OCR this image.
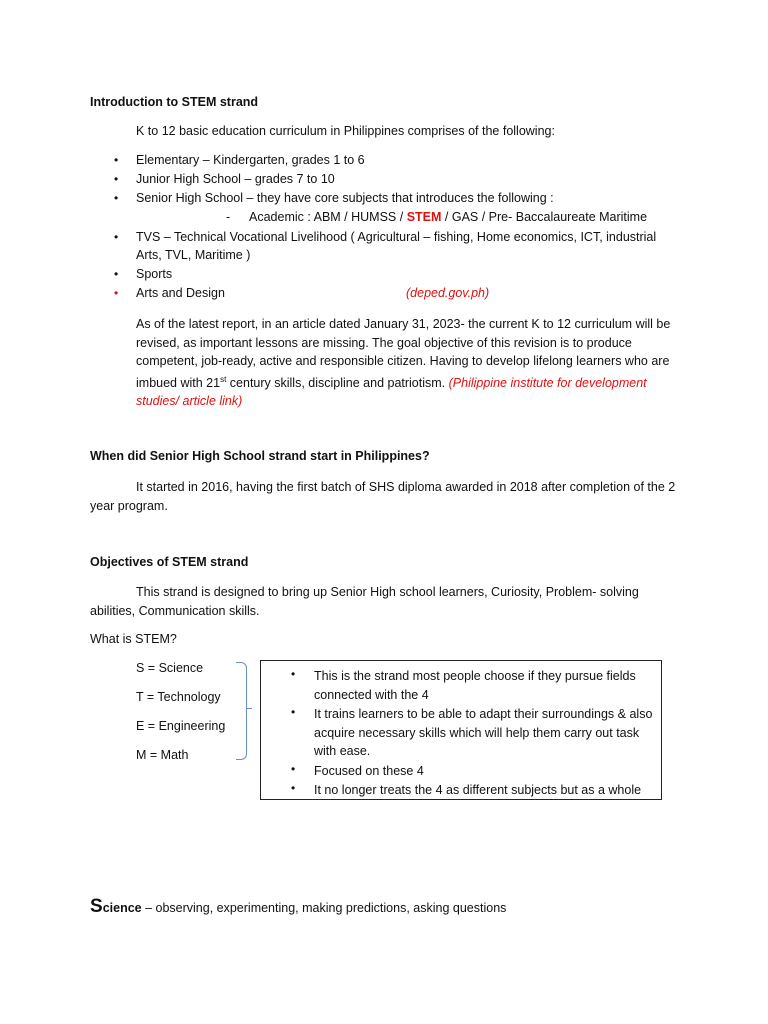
Introduction to STEM strand
K to 12 basic education curriculum in Philippines comprises of the following:
• Elementary – Kindergarten, grades 1 to 6
• Junior High School – grades 7 to 10
• Senior High School – they have core subjects that introduces the following :
- Academic : ABM / HUMSS / STEM / GAS / Pre- Baccalaureate Maritime
• TVS – Technical Vocational Livelihood ( Agricultural – fishing, Home economics, ICT, industrial
Arts, TVL, Maritime )
• Sports
• Arts and Design	(deped.gov.ph)
As of the latest report, in an article dated January 31, 2023- the current K to 12 curriculum will be revised, as important lessons are missing. The goal objective of this revision is to produce competent, job-ready, active and responsible citizen. Having to develop lifelong learners who are imbued with 21st century skills, discipline and patriotism. (Philippine institute for development studies/ article link)
When did Senior High School strand start in Philippines?
It started in 2016, having the first batch of SHS diploma awarded in 2018 after completion of the 2 year program.
Objectives of STEM strand
This strand is designed to bring up Senior High school learners, Curiosity, Problem- solving abilities, Communication skills.
What is STEM?
S = Science
T = Technology
E = Engineering
M = Math
• This is the strand most people choose if they pursue fields connected with the 4
• It trains learners to be able to adapt their surroundings & also acquire necessary skills which will help them carry out task with ease.
• Focused on these 4
• It no longer treats the 4 as different subjects but as a whole
Science – observing, experimenting, making predictions, asking questions
